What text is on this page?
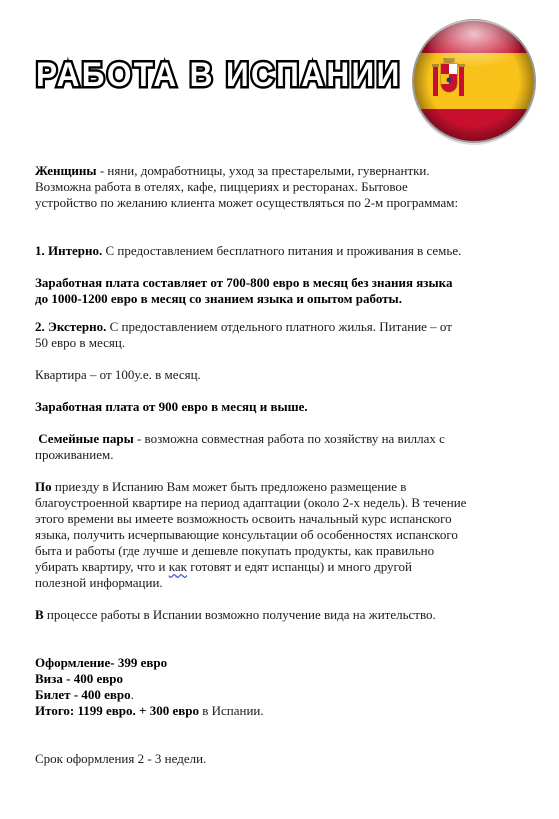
РАБОТА В ИСПАНИИ

Женщины - няни, домработницы, уход за престарелыми, гувернантки.
Возможна работа в отелях, кафе, пиццериях и ресторанах. Бытовое
устройство по желанию клиента может осуществляться по 2-м программам:

1. Интерно. С предоставлением бесплатного питания и проживания в семье.

Заработная плата составляет от 700-800 евро в месяц без знания языка
до 1000-1200 евро в месяц со знанием языка и опытом работы.

2. Экстерно. С предоставлением отдельного платного жилья. Питание – от
50 евро в месяц.

Квартира – от 100у.е. в месяц.

Заработная плата от 900 евро в месяц и выше.

Семейные пары - возможна совместная работа по хозяйству на виллах с
проживанием.

По приезду в Испанию Вам может быть предложено размещение в
благоустроенной квартире на период адаптации (около 2-х недель). В течение
этого времени вы имеете возможность освоить начальный курс испанского
языка, получить исчерпывающие консультации об особенностях испанского
быта и работы (где лучше и дешевле покупать продукты, как правильно
убирать квартиру, что и как готовят и едят испанцы) и много другой
полезной информации.

В процессе работы в Испании возможно получение вида на жительство.

Оформление- 399 евро
Виза - 400 евро
Билет - 400 евро.
Итого: 1199 евро. + 300 евро в Испании.

Срок оформления 2 - 3 недели.
